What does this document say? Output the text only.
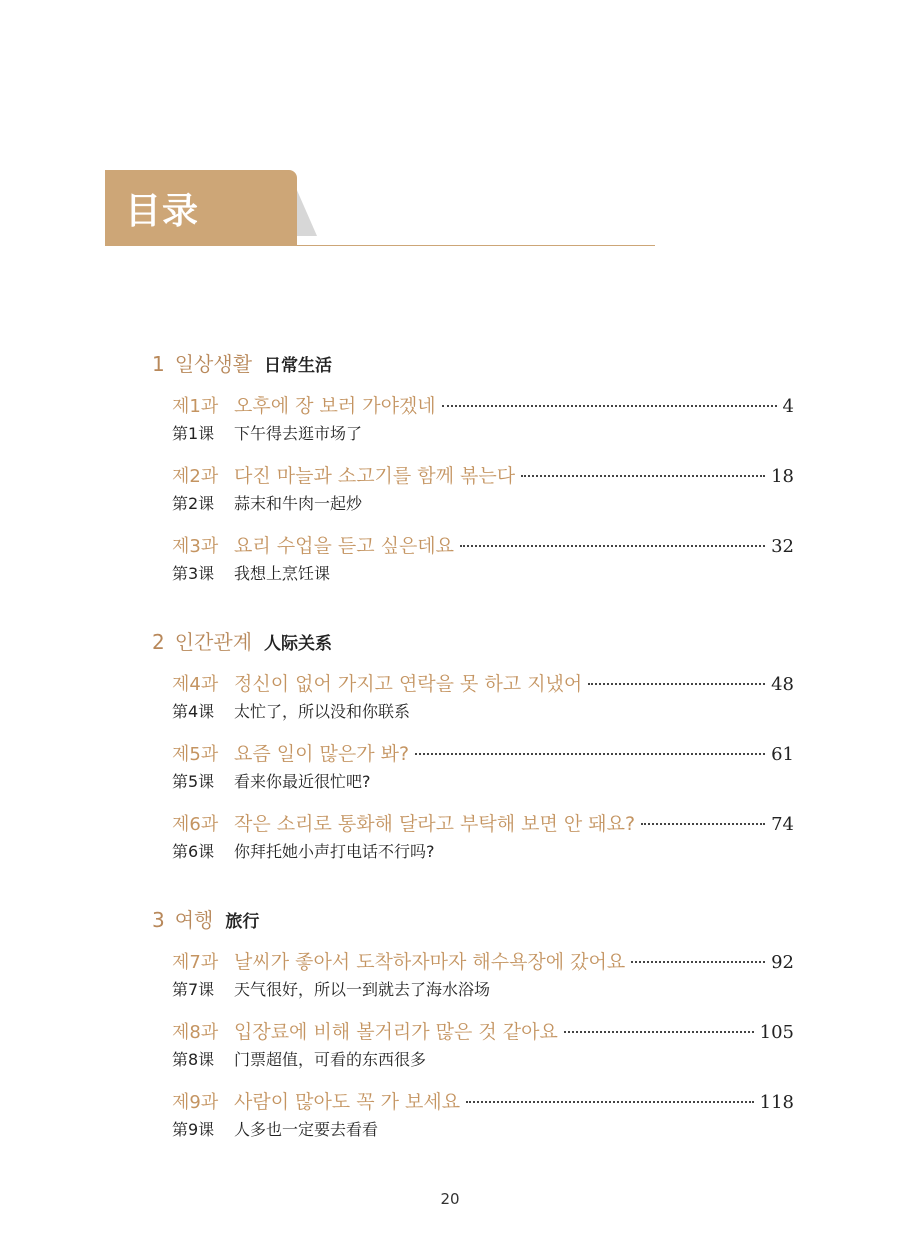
目录
1 일상생활 日常生活
제1과 오후에 장 보러 가야겠네	4
第1课	下午得去逛市场了
제2과 다진 마늘과 소고기를 함께 볶는다	18
第2课	蒜末和牛肉一起炒
제3과 요리 수업을 듣고 싶은데요	32
第3课	我想上烹饪课
2 인간관계 人际关系
제4과 정신이 없어 가지고 연락을 못 하고 지냈어	48
第4课	太忙了，所以没和你联系
제5과 요즘 일이 많은가 봐?	61
第5课	看来你最近很忙吧?
제6과 작은 소리로 통화해 달라고 부탁해 보면 안 돼요?	74
第6课	你拜托她小声打电话不行吗?
3 여행 旅行
제7과 날씨가 좋아서 도착하자마자 해수욕장에 갔어요	92
第7课	天气很好，所以一到就去了海水浴场
제8과 입장료에 비해 볼거리가 많은 것 같아요	105
第8课	门票超值，可看的东西很多
제9과 사람이 많아도 꼭 가 보세요	118
第9课	人多也一定要去看看
20
